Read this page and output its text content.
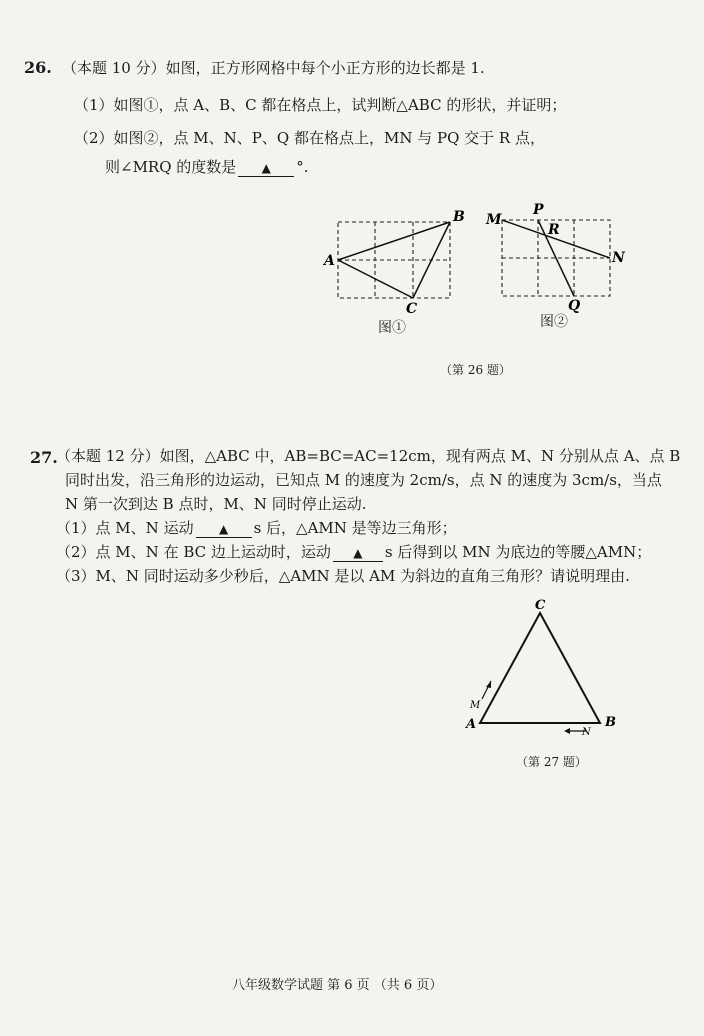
26. （本题 10 分）如图，正方形网格中每个小正方形的边长都是 1.
（1）如图①，点 A、B、C 都在格点上，试判断△ABC 的形状，并证明；
（2）如图②，点 M、N、P、Q 都在格点上，MN 与 PQ 交于 R 点，
则∠MRQ 的度数是 ▲ °.
A
B
C
图①
M
P
R
N
Q
图②
（第 26 题）
27.
（本题 12 分）如图，△ABC 中，AB=BC=AC=12cm，现有两点 M、N 分别从点 A、点 B
同时出发，沿三角形的边运动，已知点 M 的速度为 2cm/s，点 N 的速度为 3cm/s，当点
N 第一次到达 B 点时，M、N 同时停止运动.
（1）点 M、N 运动 ▲ s 后，△AMN 是等边三角形；
（2）点 M、N 在 BC 边上运动时，运动 ▲ s 后得到以 MN 为底边的等腰△AMN；
（3）M、N 同时运动多少秒后，△AMN 是以 AM 为斜边的直角三角形？请说明理由.
C
A	B
M
N
（第 27 题）
八年级数学试题 第 6 页 （共 6 页）
